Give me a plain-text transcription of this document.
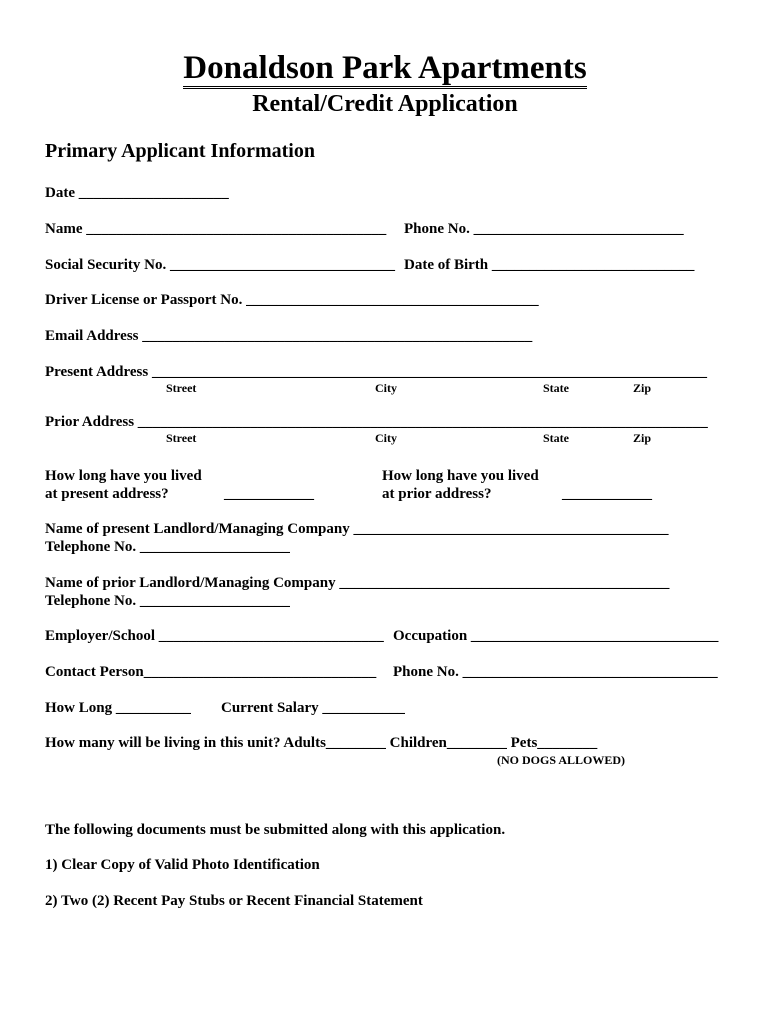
Donaldson Park Apartments
Rental/Credit Application
Primary Applicant Information
Date ____________________
Name ________________________________________ Phone No. ____________________________
Social Security No. ______________________________ Date of Birth ___________________________
Driver License or Passport No. _______________________________________
Email Address ____________________________________________________
Present Address __________________________________________________________________________
Street	City	State	Zip
Prior Address ____________________________________________________________________________
Street	City	State	Zip
How long have you lived
at present address?	____________
How long have you lived
at prior address?	____________
Name of present Landlord/Managing Company __________________________________________
Telephone No. ____________________
Name of prior Landlord/Managing Company ____________________________________________
Telephone No. ____________________
Employer/School ______________________________ Occupation _________________________________
Contact Person_______________________________ Phone No. __________________________________
How Long __________ Current Salary ___________
How many will be living in this unit? Adults________ Children________ Pets________
(NO DOGS ALLOWED)
The following documents must be submitted along with this application.
1) Clear Copy of Valid Photo Identification
2) Two (2) Recent Pay Stubs or Recent Financial Statement
